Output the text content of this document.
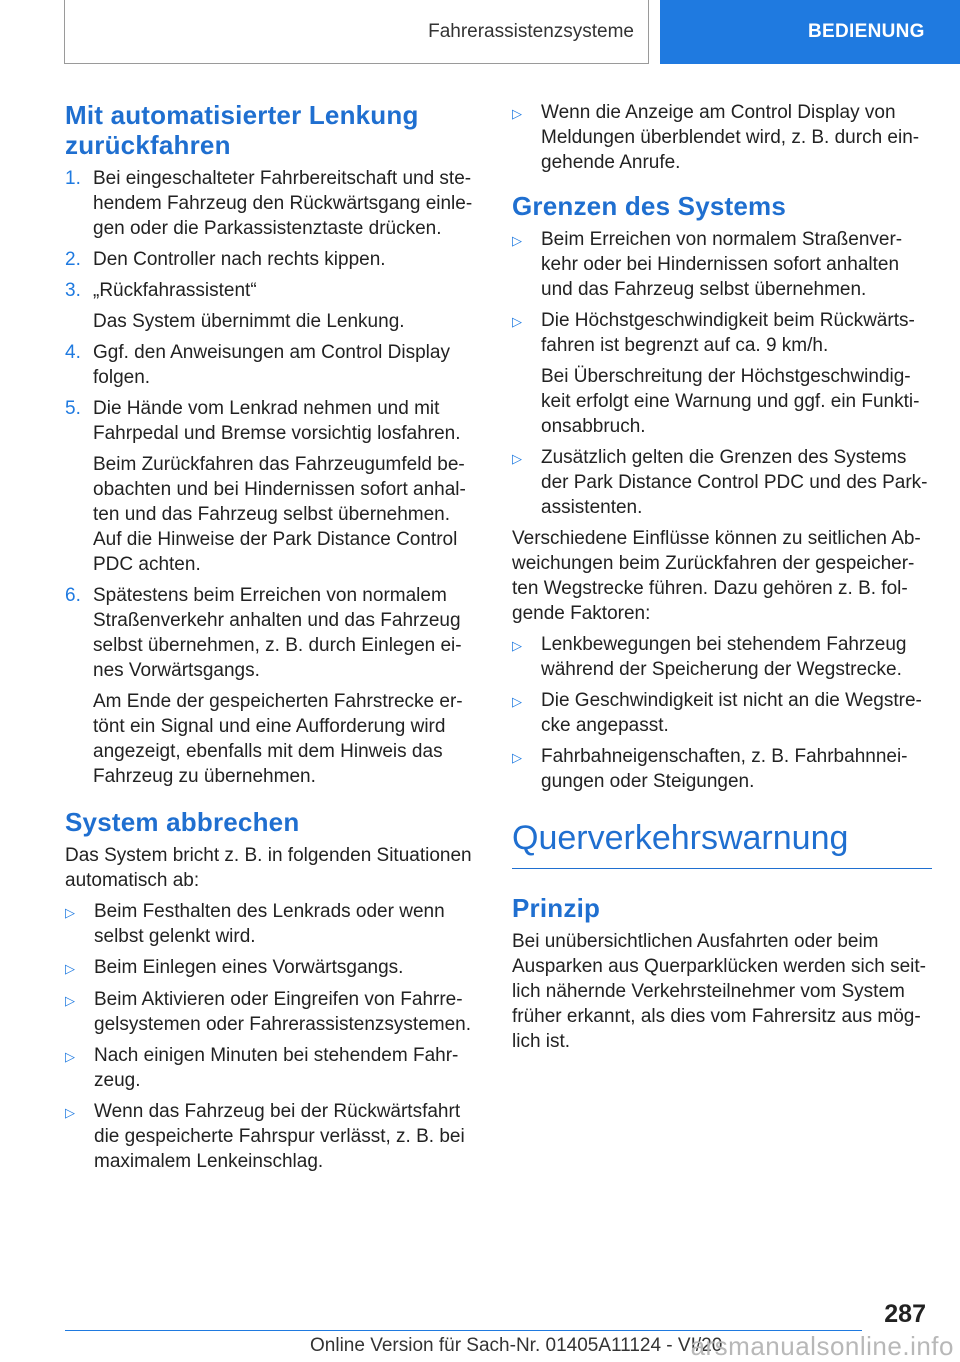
Fahrerassistenzsysteme	BEDIENUNG
Mit automatisierter Lenkung zurückfahren
1. Bei eingeschalteter Fahrbereitschaft und ste-hendem Fahrzeug den Rückwärtsgang einle-gen oder die Parkassistenztaste drücken.
2. Den Controller nach rechts kippen.
3. „Rückfahrassistent“
Das System übernimmt die Lenkung.
4. Ggf. den Anweisungen am Control Display folgen.
5. Die Hände vom Lenkrad nehmen und mit Fahrpedal und Bremse vorsichtig losfahren.
Beim Zurückfahren das Fahrzeugumfeld be-obachten und bei Hindernissen sofort anhal-ten und das Fahrzeug selbst übernehmen. Auf die Hinweise der Park Distance Control PDC achten.
6. Spätestens beim Erreichen von normalem Straßenverkehr anhalten und das Fahrzeug selbst übernehmen, z. B. durch Einlegen ei-nes Vorwärtsgangs.
Am Ende der gespeicherten Fahrstrecke er-tönt ein Signal und eine Aufforderung wird angezeigt, ebenfalls mit dem Hinweis das Fahrzeug zu übernehmen.
System abbrechen

Das System bricht z. B. in folgenden Situationen automatisch ab:

▷	Beim Festhalten des Lenkrads oder wenn selbst gelenkt wird.
▷	Beim Einlegen eines Vorwärtsgangs.
▷	Beim Aktivieren oder Eingreifen von Fahrre-gelsystemen oder Fahrerassistenzsystemen.
▷	Nach einigen Minuten bei stehendem Fahr-zeug.
▷	Wenn das Fahrzeug bei der Rückwärtsfahrt die gespeicherte Fahrspur verlässt, z. B. bei maximalem Lenkeinschlag.
▷	Wenn die Anzeige am Control Display von Meldungen überblendet wird, z. B. durch ein-gehende Anrufe.
Grenzen des Systems
▷	Beim Erreichen von normalem Straßenver-kehr oder bei Hindernissen sofort anhalten und das Fahrzeug selbst übernehmen.
▷	Die Höchstgeschwindigkeit beim Rückwärts-fahren ist begrenzt auf ca. 9 km/h.
Bei Überschreitung der Höchstgeschwindig-keit erfolgt eine Warnung und ggf. ein Funkti-onsabbruch.
▷	Zusätzlich gelten die Grenzen des Systems der Park Distance Control PDC und des Park-assistenten.

Verschiedene Einflüsse können zu seitlichen Ab-weichungen beim Zurückfahren der gespeicher-ten Wegstrecke führen. Dazu gehören z. B. fol-gende Faktoren:

▷	Lenkbewegungen bei stehendem Fahrzeug während der Speicherung der Wegstrecke.
▷	Die Geschwindigkeit ist nicht an die Wegstre-cke angepasst.
▷	Fahrbahneigenschaften, z. B. Fahrbahnnei-gungen oder Steigungen.
Querverkehrswarnung
Prinzip

Bei unübersichtlichen Ausfahrten oder beim Ausparken aus Querparklücken werden sich seit-lich nähernde Verkehrsteilnehmer vom System früher erkannt, als dies vom Fahrersitz aus mög-lich ist.

287
Online Version für Sach-Nr. 01405A11124 - VI/20
arsmanualsonline.info
